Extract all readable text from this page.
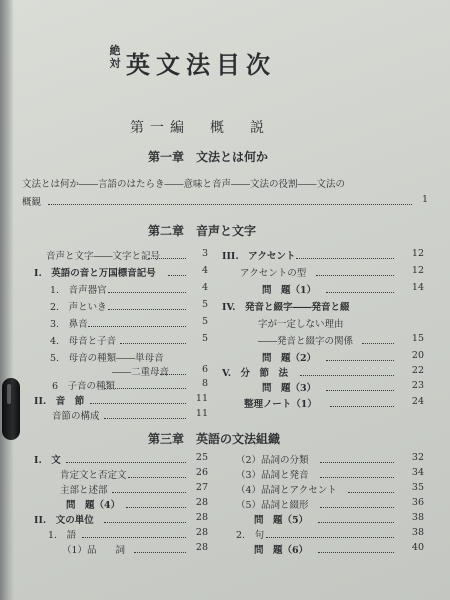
絶
対 英文法目次
第一編　概　説
第一章　文法とは何か
文法とは何か――言語のはたらき――意味と音声――文法の役割――文法の
概観	1
第二章　音声と文字
音声と文字――文字と記号	3
I.　英語の音と万国標音記号	4
1.　音声器官	4
2.　声といき	5
3.　鼻音	5
4.　母音と子音	5
5.　母音の種類――単母音
――二重母音	6
6　子音の種類	8
II.　音　節	11
音節の構成	11
III.　アクセント	12
アクセントの型	12
問　題（1）	14
IV.　発音と綴字――発音と綴
字が一定しない理由
――発音と綴字の関係	15
問　題（2）	20
V.　分　節　法	22
問　題（3）	23
整理ノート（1）	24
第三章　英語の文法組織
I.　文	25
肯定文と否定文	26
主部と述部	27
問　題（4）	28
II.　文の単位	28
1.　語	28
（1）品　　詞	28
（2）品詞の分類	32
（3）品詞と発音	34
（4）品詞とアクセント	35
（5）品詞と綴形	36
問　題（5）	38
2.　句	38
問　題（6）	40
